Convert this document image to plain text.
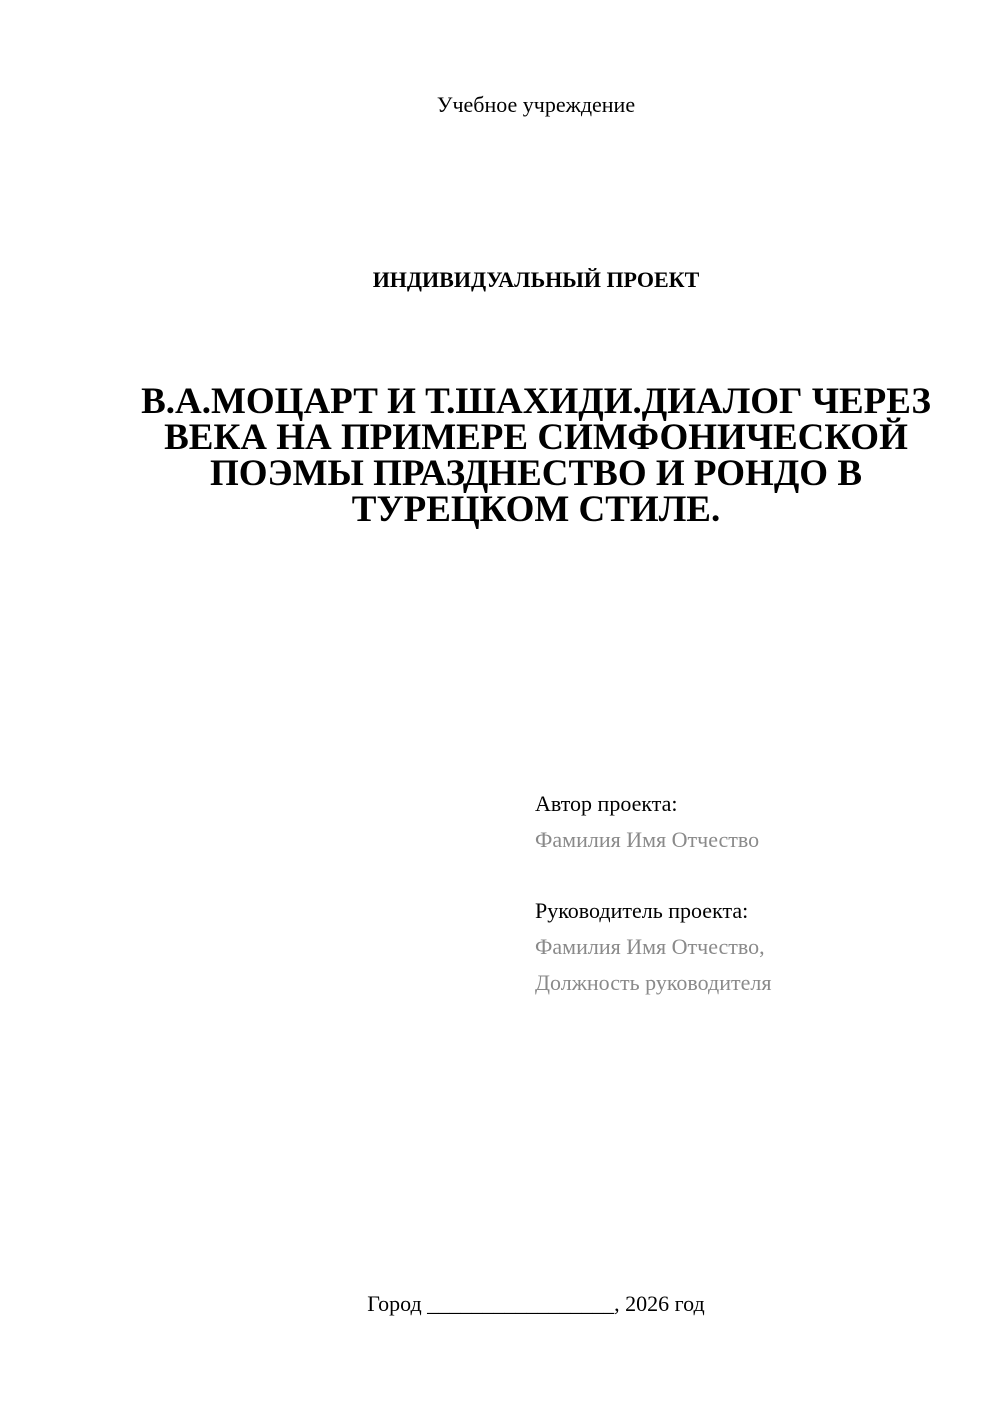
Учебное учреждение
ИНДИВИДУАЛЬНЫЙ ПРОЕКТ
В.А.МОЦАРТ И Т.ШАХИДИ.ДИАЛОГ ЧЕРЕЗ ВЕКА НА ПРИМЕРЕ СИМФОНИЧЕСКОЙ ПОЭМЫ ПРАЗДНЕСТВО И РОНДО В ТУРЕЦКОМ СТИЛЕ.
Автор проекта:
Фамилия Имя Отчество
Руководитель проекта:
Фамилия Имя Отчество,
Должность руководителя
Город _________________, 2026 год
